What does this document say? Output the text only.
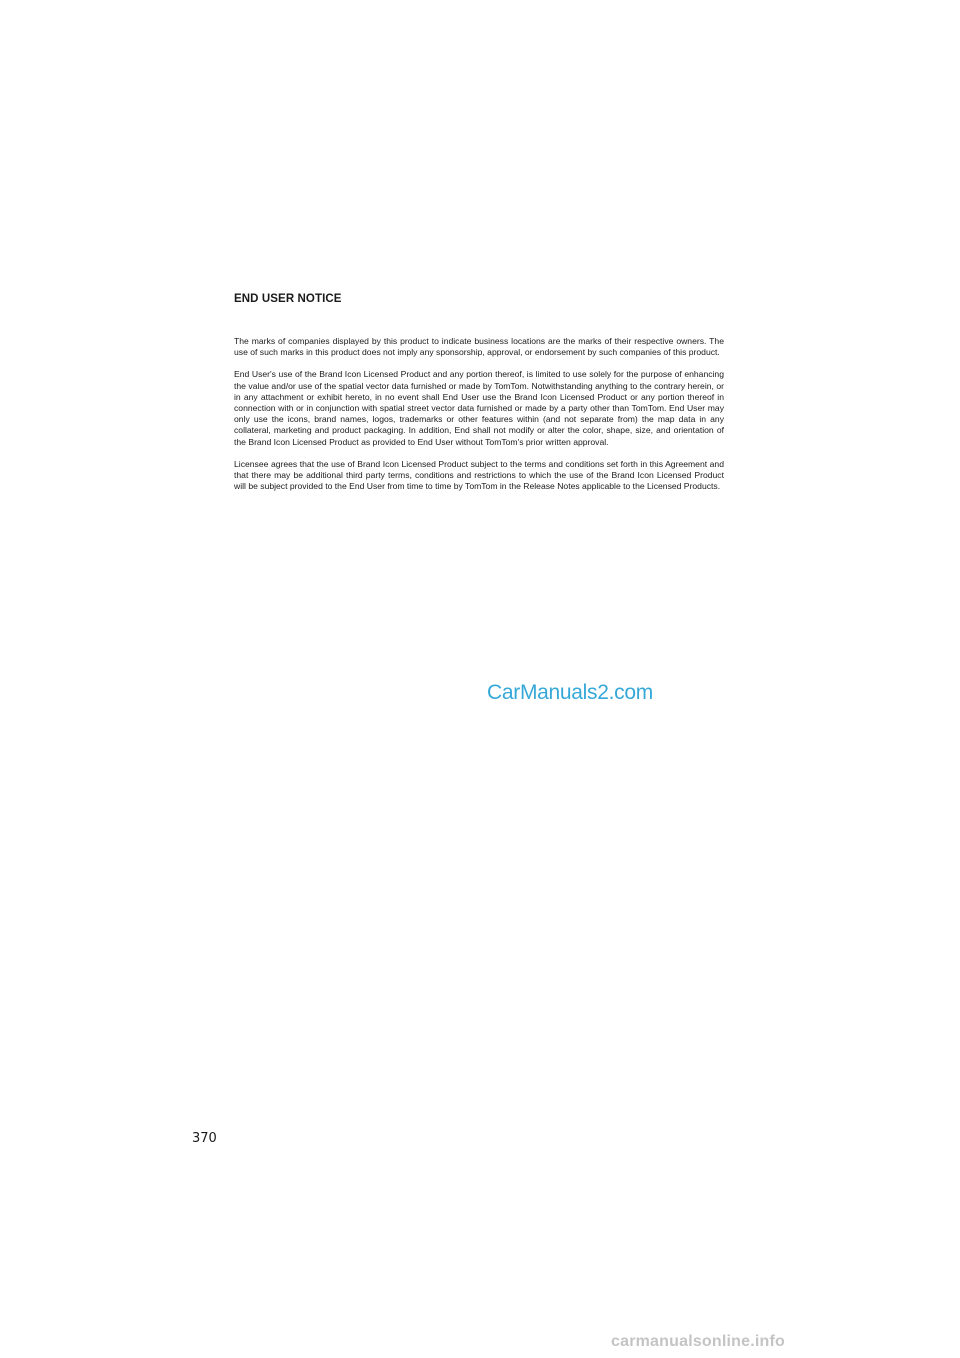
END USER NOTICE

The marks of companies displayed by this product to indicate business locations are the marks of their respective owners. The use of such marks in this product does not imply any sponsorship, approval, or endorsement by such companies of this product.

End User's use of the Brand Icon Licensed Product and any portion thereof, is limited to use solely for the purpose of enhancing the value and/or use of the spatial vector data furnished or made by TomTom. Notwithstanding anything to the contrary herein, or in any attachment or exhibit hereto, in no event shall End User use the Brand Icon Licensed Product or any portion thereof in connection with or in conjunction with spatial street vector data furnished or made by a party other than TomTom. End User may only use the icons, brand names, logos, trademarks or other features within (and not separate from) the map data in any collateral, marketing and product packaging. In addition, End shall not modify or alter the color, shape, size, and orientation of the Brand Icon Licensed Product as provided to End User without TomTom's prior written approval.

Licensee agrees that the use of Brand Icon Licensed Product subject to the terms and conditions set forth in this Agreement and that there may be additional third party terms, conditions and restrictions to which the use of the Brand Icon Licensed Product will be subject provided to the End User from time to time by TomTom in the Release Notes applicable to the Licensed Products.

CarManuals2.com
370
carmanualsonline.info
